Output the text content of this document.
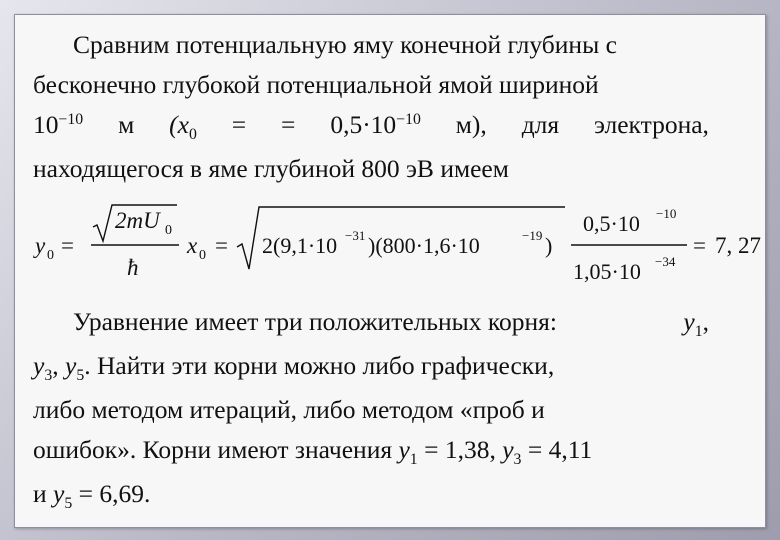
Сравним потенциальную яму конечной глубины с
бесконечно глубокой потенциальной ямой шириной
$10^{-10}$ м ($x_0$ = = $0,5\cdot 10^{-10}$ м), для электрона,
находящегося в яме глубиной 800 эВ имеем
y 0 =
2mU 0
ħ
x 0 = 2(9,1·10 −31 )(800·1,6·10	−19 )
0,5·10 −10
1,05·10 −34
= 7, 27
Уравнение имеет три положительных корня:	$y_1$,
$y_3$, $y_5$. Найти эти корни можно либо графически,
либо методом итераций, либо методом «проб и
ошибок». Корни имеют значения $y_1 = 1,38$, $y_3 = 4,11$
и $y_5 = 6,69$.
